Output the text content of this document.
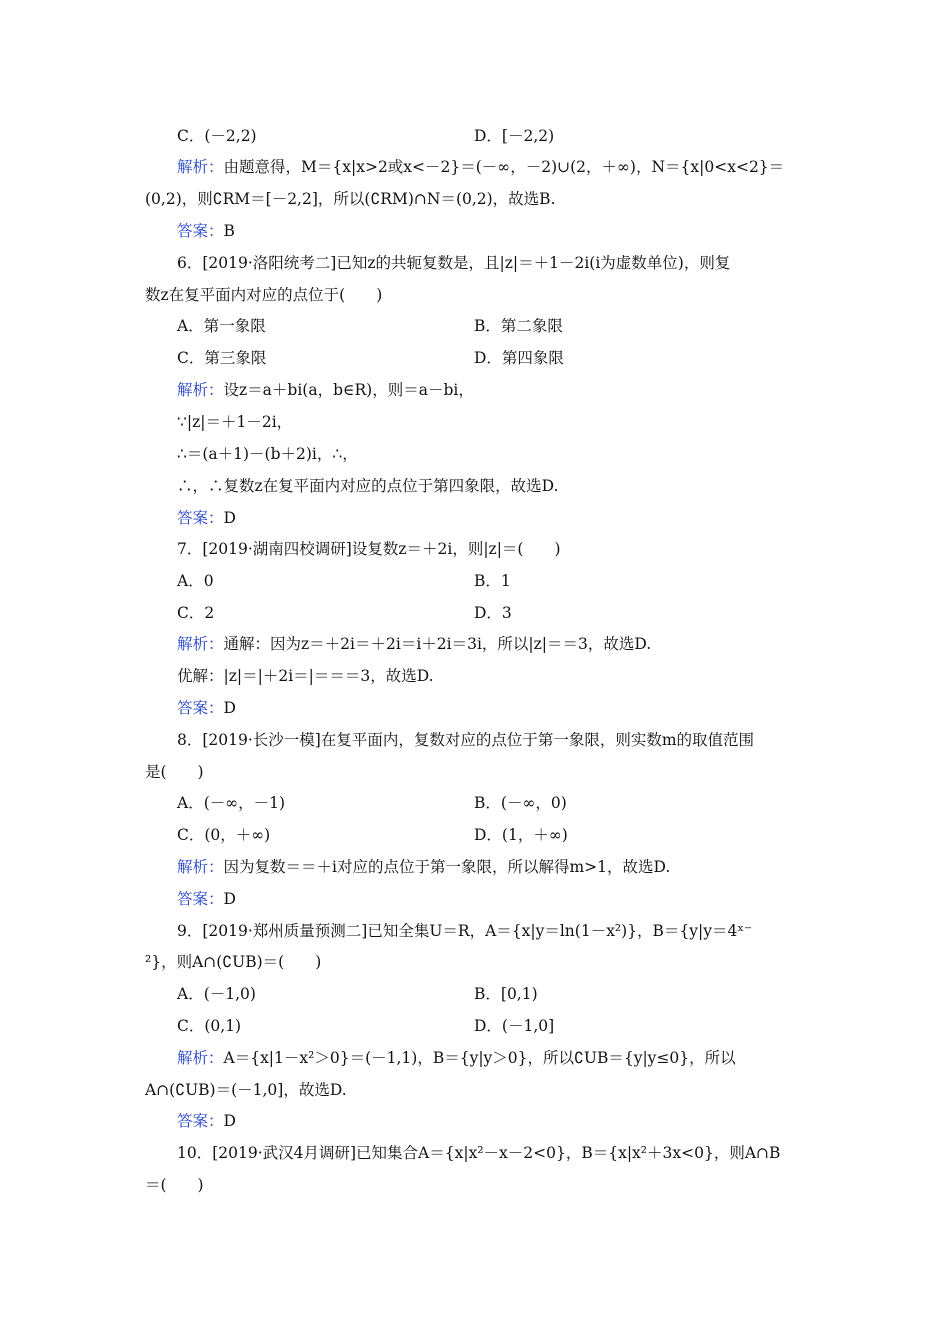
C．(－2,2)	D．[－2,2)
解析：由题意得，M＝{x|x>2或x<－2}＝(－∞，－2)∪(2，＋∞)，N＝{x|0<x<2}＝
(0,2)，则∁RM＝[－2,2]，所以(∁RM)∩N＝(0,2)，故选B.
答案：B
6．[2019·洛阳统考二]已知z的共轭复数是，且|z|＝＋1－2i(i为虚数单位)，则复
数z在复平面内对应的点位于(　　)
A．第一象限	B．第二象限
C．第三象限	D．第四象限
解析：设z＝a＋bi(a，b∈R)，则＝a－bi，
∵|z|＝＋1－2i，
∴＝(a＋1)－(b＋2)i，∴，
∴，∴复数z在复平面内对应的点位于第四象限，故选D.
答案：D
7．[2019·湖南四校调研]设复数z＝＋2i，则|z|＝(　　)
A．0	B．1
C．2	D．3
解析：通解：因为z＝＋2i＝＋2i＝i＋2i＝3i，所以|z|＝＝3，故选D.
优解：|z|＝|＋2i＝|＝＝＝3，故选D.
答案：D
8．[2019·长沙一模]在复平面内，复数对应的点位于第一象限，则实数m的取值范围
是(　　)
A．(－∞，－1)	B．(－∞，0)
C．(0，＋∞)	D．(1，＋∞)
解析：因为复数＝＝＋i对应的点位于第一象限，所以解得m>1，故选D.
答案：D
9．[2019·郑州质量预测二]已知全集U＝R，A＝{x|y＝ln(1－x²)}，B＝{y|y＝4ˣ⁻
²}，则A∩(∁UB)＝(　　)
A．(－1,0)	B．[0,1)
C．(0,1)	D．(－1,0]
解析：A＝{x|1－x²＞0}＝(－1,1)，B＝{y|y＞0}，所以∁UB＝{y|y≤0}，所以
A∩(∁UB)＝(－1,0]，故选D.
答案：D
10．[2019·武汉4月调研]已知集合A＝{x|x²－x－2<0}，B＝{x|x²＋3x<0}，则A∩B
＝(　　)
